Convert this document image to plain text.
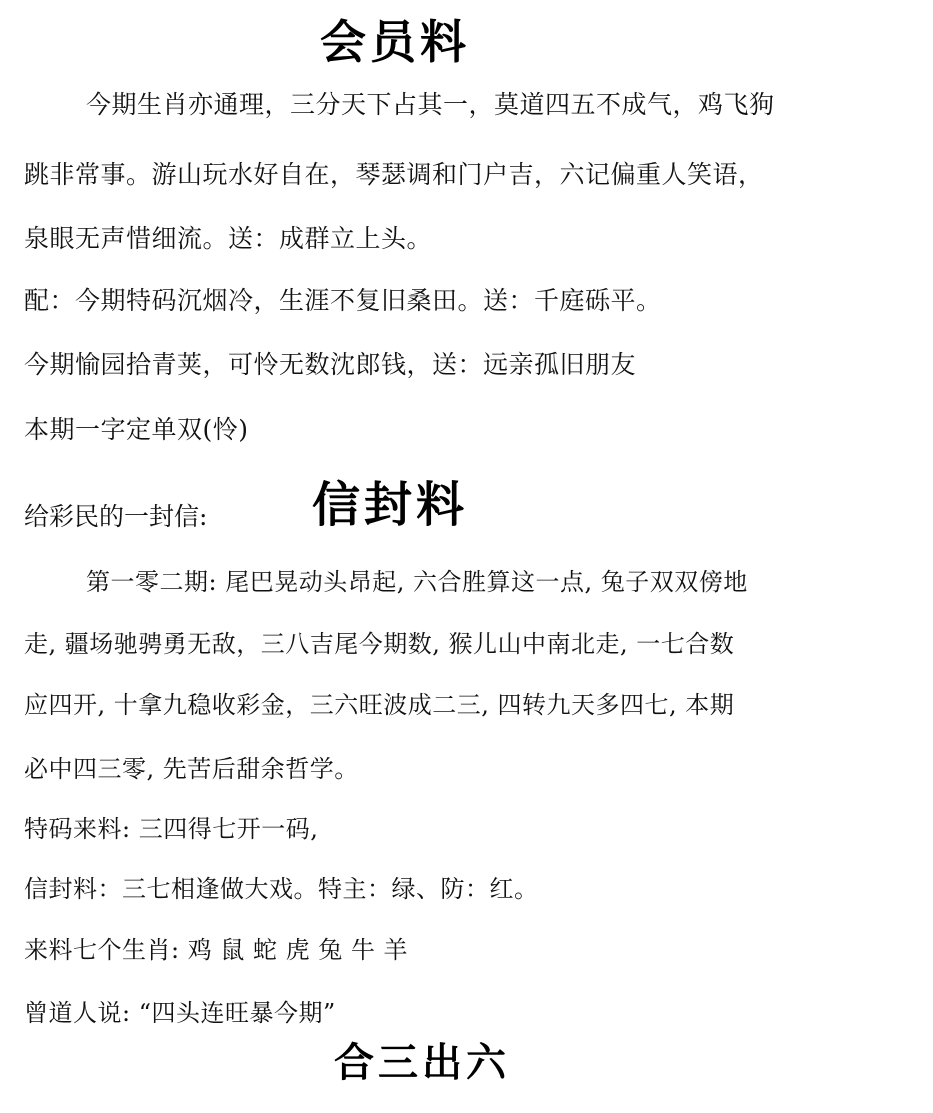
会员料
今期生肖亦通理，三分天下占其一，莫道四五不成气，鸡飞狗
跳非常事。游山玩水好自在，琴瑟调和门户吉，六记偏重人笑语，
泉眼无声惜细流。送：成群立上头。
配：今期特码沉烟冷，生涯不复旧桑田。送：千庭砾平。
今期愉园拾青荚，可怜无数沈郎钱，送：远亲孤旧朋友
本期一字定单双(怜)
给彩民的一封信: 信封料
第一零二期: 尾巴晃动头昂起, 六合胜算这一点, 兔子双双傍地
走, 疆场驰骋勇无敌，三八吉尾今期数, 猴儿山中南北走, 一七合数
应四开, 十拿九稳收彩金，三六旺波成二三, 四转九天多四七, 本期
必中四三零, 先苦后甜余哲学。
特码来料: 三四得七开一码,
信封料：三七相逢做大戏。特主：绿、防：红。
来料七个生肖: 鸡 鼠 蛇 虎 兔 牛 羊
曾道人说: “四头连旺暴今期”
合三出六
